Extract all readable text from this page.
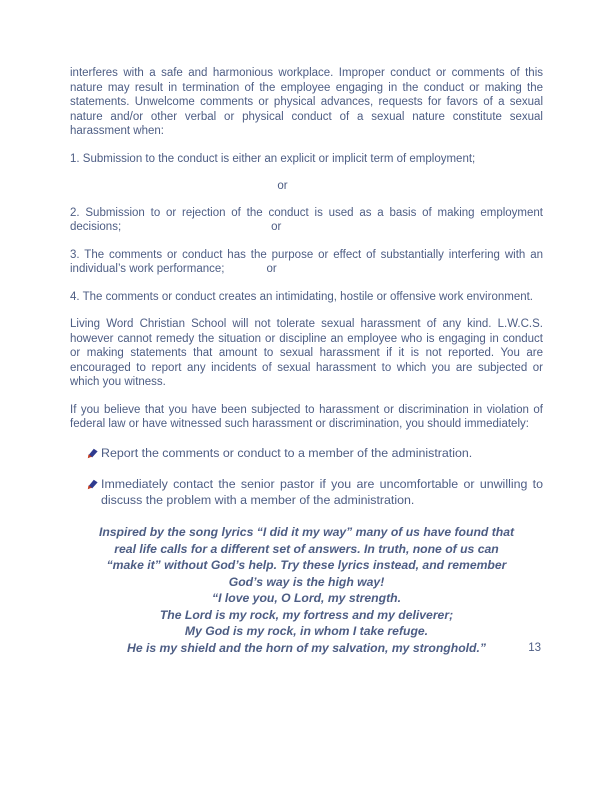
interferes with a safe and harmonious workplace. Improper conduct or comments of this nature may result in termination of the employee engaging in the conduct or making the statements. Unwelcome comments or physical advances, requests for favors of a sexual nature and/or other verbal or physical conduct of a sexual nature constitute sexual harassment when:

1. Submission to the conduct is either an explicit or implicit term of employment;
or
2. Submission to or rejection of the conduct is used as a basis of making employment decisions;	or
3. The comments or conduct has the purpose or effect of substantially interfering with an individual’s work performance;	or

4. The comments or conduct creates an intimidating, hostile or offensive work environment.

Living Word Christian School will not tolerate sexual harassment of any kind. L.W.C.S. however cannot remedy the situation or discipline an employee who is engaging in conduct or making statements that amount to sexual harassment if it is not reported. You are encouraged to report any incidents of sexual harassment to which you are subjected or which you witness.

If you believe that you have been subjected to harassment or discrimination in violation of federal law or have witnessed such harassment or discrimination, you should immediately:

Report the comments or conduct to a member of the administration.
Immediately contact the senior pastor if you are uncomfortable or unwilling to discuss the problem with a member of the administration.
Inspired by the song lyrics “I did it my way” many of us have found that
real life calls for a different set of answers. In truth, none of us can
“make it” without God’s help. Try these lyrics instead, and remember
God’s way is the high way!
“I love you, O Lord, my strength.
The Lord is my rock, my fortress and my deliverer;
My God is my rock, in whom I take refuge.
He is my shield and the horn of my salvation, my stronghold.”	13
